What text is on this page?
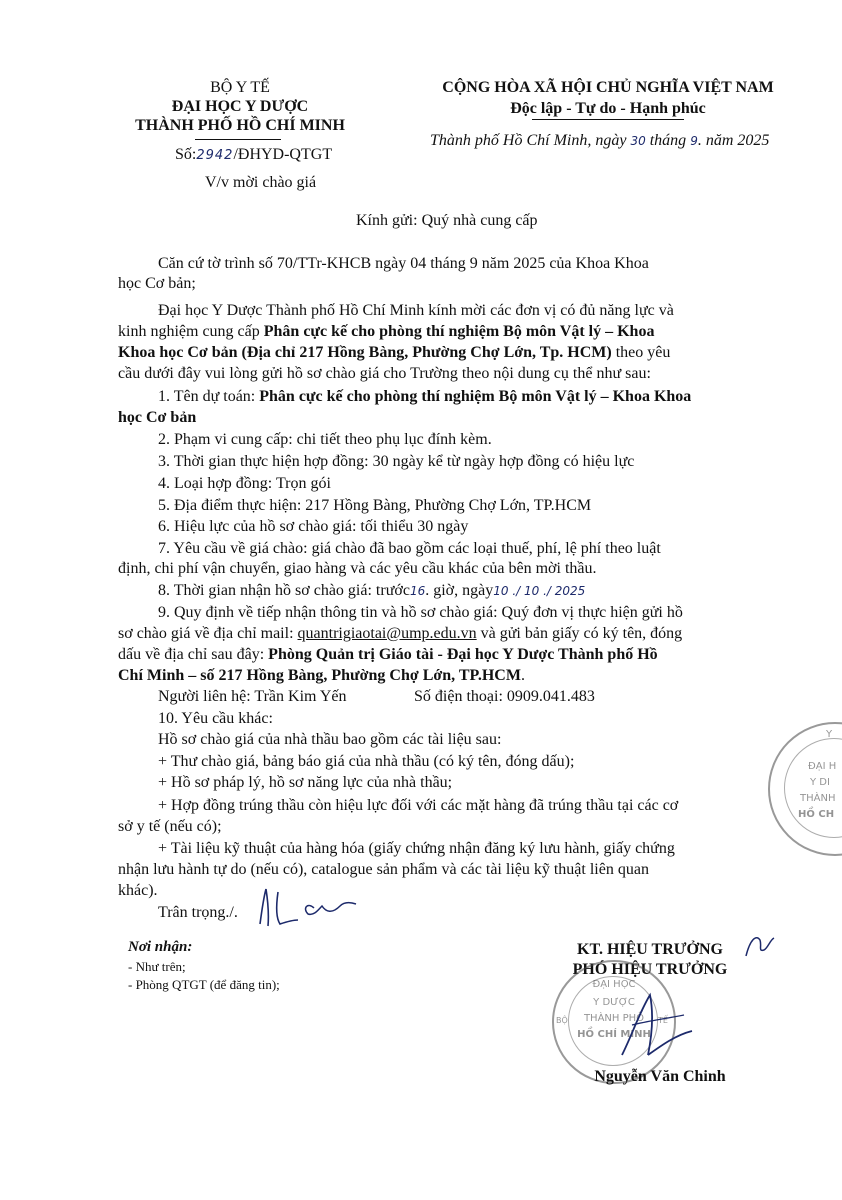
BỘ Y TẾ
ĐẠI HỌC Y DƯỢC
THÀNH PHỐ HỒ CHÍ MINH
Số:2942/ĐHYD-QTGT
V/v mời chào giá
CỘNG HÒA XÃ HỘI CHỦ NGHĨA VIỆT NAM
Độc lập - Tự do - Hạnh phúc
Thành phố Hồ Chí Minh, ngày 30 tháng 9. năm 2025
Kính gửi: Quý nhà cung cấp
Căn cứ tờ trình số 70/TTr-KHCB ngày 04 tháng 9 năm 2025 của Khoa Khoa
học Cơ bản;
Đại học Y Dược Thành phố Hồ Chí Minh kính mời các đơn vị có đủ năng lực và
kinh nghiệm cung cấp Phân cực kế cho phòng thí nghiệm Bộ môn Vật lý – Khoa
Khoa học Cơ bản (Địa chỉ 217 Hồng Bàng, Phường Chợ Lớn, Tp. HCM) theo yêu
cầu dưới đây vui lòng gửi hồ sơ chào giá cho Trường theo nội dung cụ thể như sau:
1. Tên dự toán: Phân cực kế cho phòng thí nghiệm Bộ môn Vật lý – Khoa Khoa
học Cơ bản
2. Phạm vi cung cấp: chi tiết theo phụ lục đính kèm.
3. Thời gian thực hiện hợp đồng: 30 ngày kể từ ngày hợp đồng có hiệu lực
4. Loại hợp đồng: Trọn gói
5. Địa điểm thực hiện: 217 Hồng Bàng, Phường Chợ Lớn, TP.HCM
6. Hiệu lực của hồ sơ chào giá: tối thiểu 30 ngày
7. Yêu cầu về giá chào: giá chào đã bao gồm các loại thuế, phí, lệ phí theo luật
định, chi phí vận chuyển, giao hàng và các yêu cầu khác của bên mời thầu.
8. Thời gian nhận hồ sơ chào giá: trước16. giờ, ngày10 ./ 10 ./ 2025
9. Quy định về tiếp nhận thông tin và hồ sơ chào giá: Quý đơn vị thực hiện gửi hồ
sơ chào giá về địa chỉ mail: quantrigiaotai@ump.edu.vn và gửi bản giấy có ký tên, đóng
dấu về địa chỉ sau đây: Phòng Quản trị Giáo tài - Đại học Y Dược Thành phố Hồ
Chí Minh – số 217 Hồng Bàng, Phường Chợ Lớn, TP.HCM.
Người liên hệ: Trần Kim Yến	Số điện thoại: 0909.041.483
10. Yêu cầu khác:
Hồ sơ chào giá của nhà thầu bao gồm các tài liệu sau:
+ Thư chào giá, bảng báo giá của nhà thầu (có ký tên, đóng dấu);
+ Hồ sơ pháp lý, hồ sơ năng lực của nhà thầu;
+ Hợp đồng trúng thầu còn hiệu lực đối với các mặt hàng đã trúng thầu tại các cơ
sở y tế (nếu có);
+ Tài liệu kỹ thuật của hàng hóa (giấy chứng nhận đăng ký lưu hành, giấy chứng
nhận lưu hành tự do (nếu có), catalogue sản phẩm và các tài liệu kỹ thuật liên quan
khác).
Trân trọng./.
Nơi nhận:
- Như trên;
- Phòng QTGT (để đăng tin);
KT. HIỆU TRƯỞNG
PHÓ HIỆU TRƯỞNG
ĐẠI HỌC
Y DƯỢC
THÀNH PHỐ
HỒ CHÍ MINH
BỘ	TẾ
Nguyễn Văn Chinh
Y
ĐẠI H
Y DI
THÀNH
HỒ CH
